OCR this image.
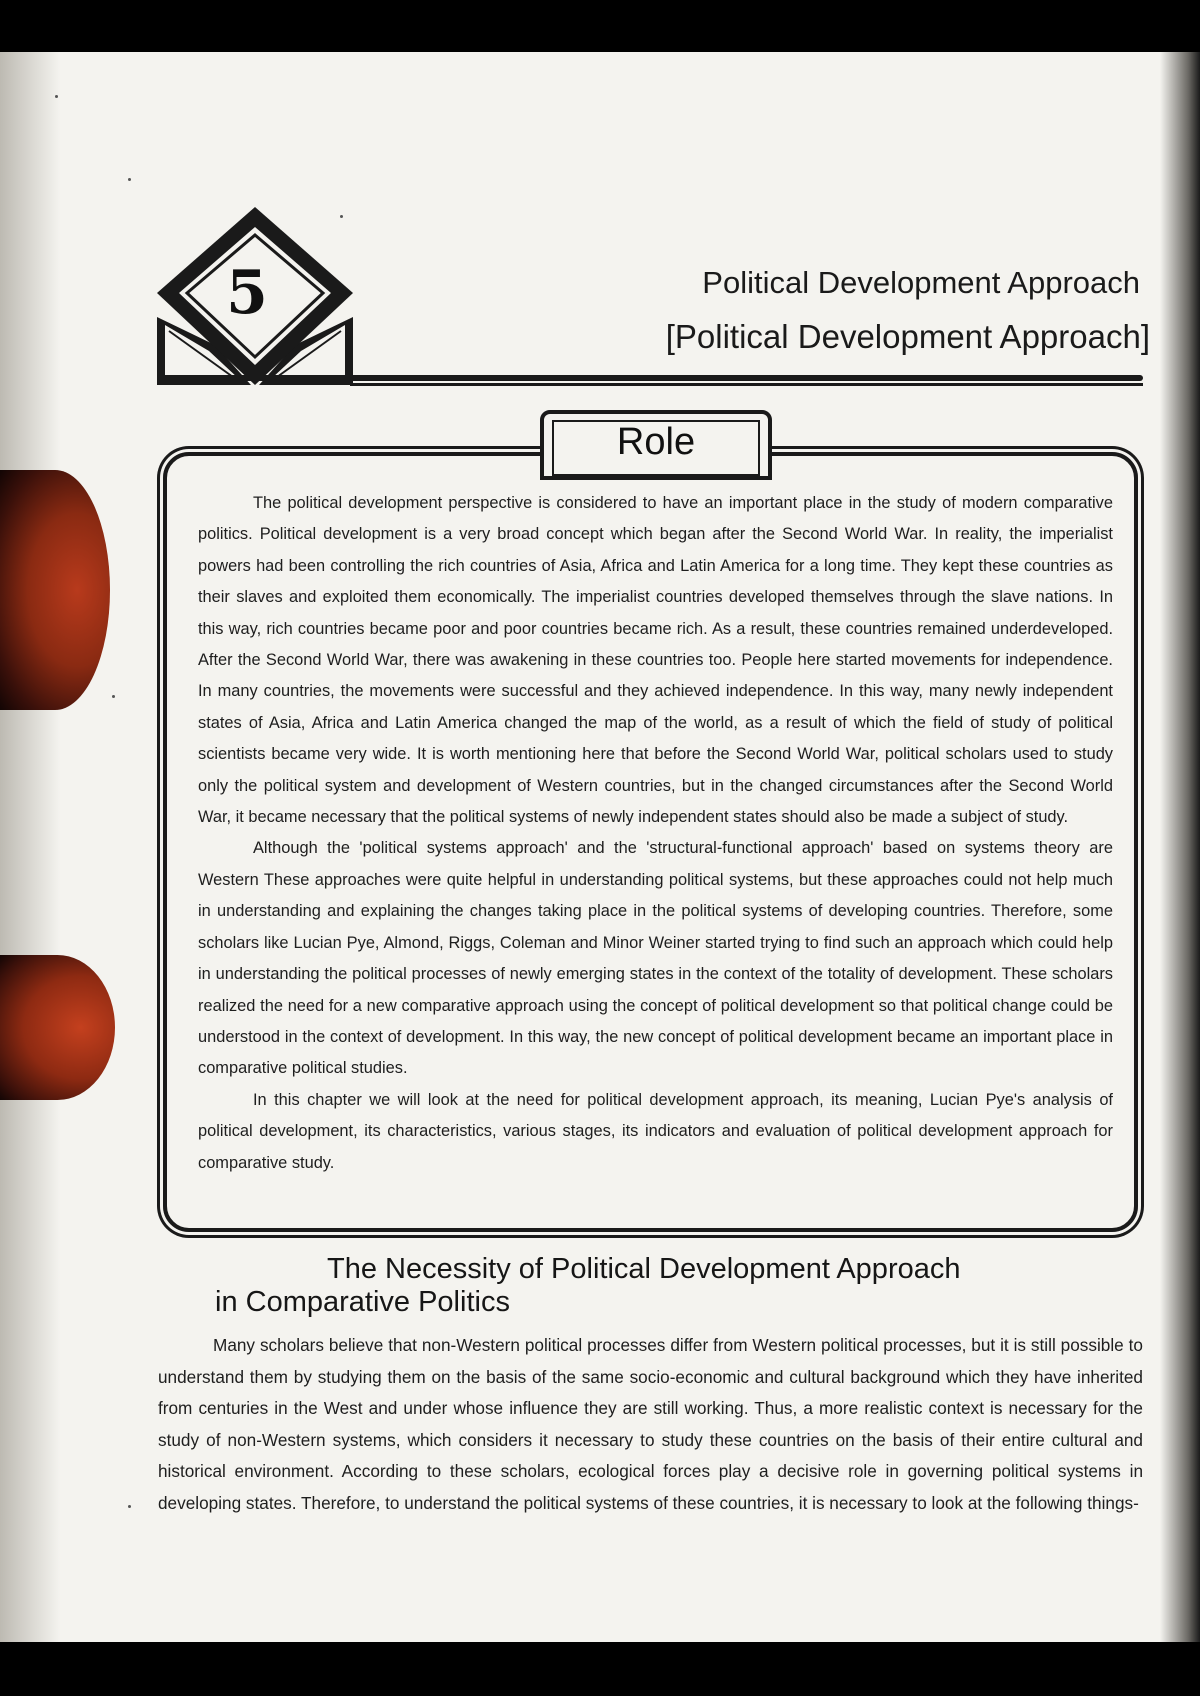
5	Political Development Approach
[Political Development Approach]
Role

The political development perspective is considered to have an important place in the study of modern comparative politics. Political development is a very broad concept which began after the Second World War. In reality, the imperialist powers had been controlling the rich countries of Asia, Africa and Latin America for a long time. They kept these countries as their slaves and exploited them economically. The imperialist countries developed themselves through the slave nations. In this way, rich countries became poor and poor countries became rich. As a result, these countries remained underdeveloped. After the Second World War, there was awakening in these countries too. People here started movements for independence. In many countries, the movements were successful and they achieved independence. In this way, many newly independent states of Asia, Africa and Latin America changed the map of the world, as a result of which the field of study of political scientists became very wide. It is worth mentioning here that before the Second World War, political scholars used to study only the political system and development of Western countries, but in the changed circumstances after the Second World War, it became necessary that the political systems of newly independent states should also be made a subject of study.

Although the 'political systems approach' and the 'structural-functional approach' based on systems theory are Western These approaches were quite helpful in understanding political systems, but these approaches could not help much in understanding and explaining the changes taking place in the political systems of developing countries. Therefore, some scholars like Lucian Pye, Almond, Riggs, Coleman and Minor Weiner started trying to find such an approach which could help in understanding the political processes of newly emerging states in the context of the totality of development. These scholars realized the need for a new comparative approach using the concept of political development so that political change could be understood in the context of development. In this way, the new concept of political development became an important place in comparative political studies.

In this chapter we will look at the need for political development approach, its meaning, Lucian Pye's analysis of political development, its characteristics, various stages, its indicators and evaluation of political development approach for comparative study.

The Necessity of Political Development Approach
in Comparative Politics

Many scholars believe that non-Western political processes differ from Western political processes, but it is still possible to understand them by studying them on the basis of the same socio-economic and cultural background which they have inherited from centuries in the West and under whose influence they are still working. Thus, a more realistic context is necessary for the study of non-Western systems, which considers it necessary to study these countries on the basis of their entire cultural and historical environment. According to these scholars, ecological forces play a decisive role in governing political systems in developing states. Therefore, to understand the political systems of these countries, it is necessary to look at the following things-
